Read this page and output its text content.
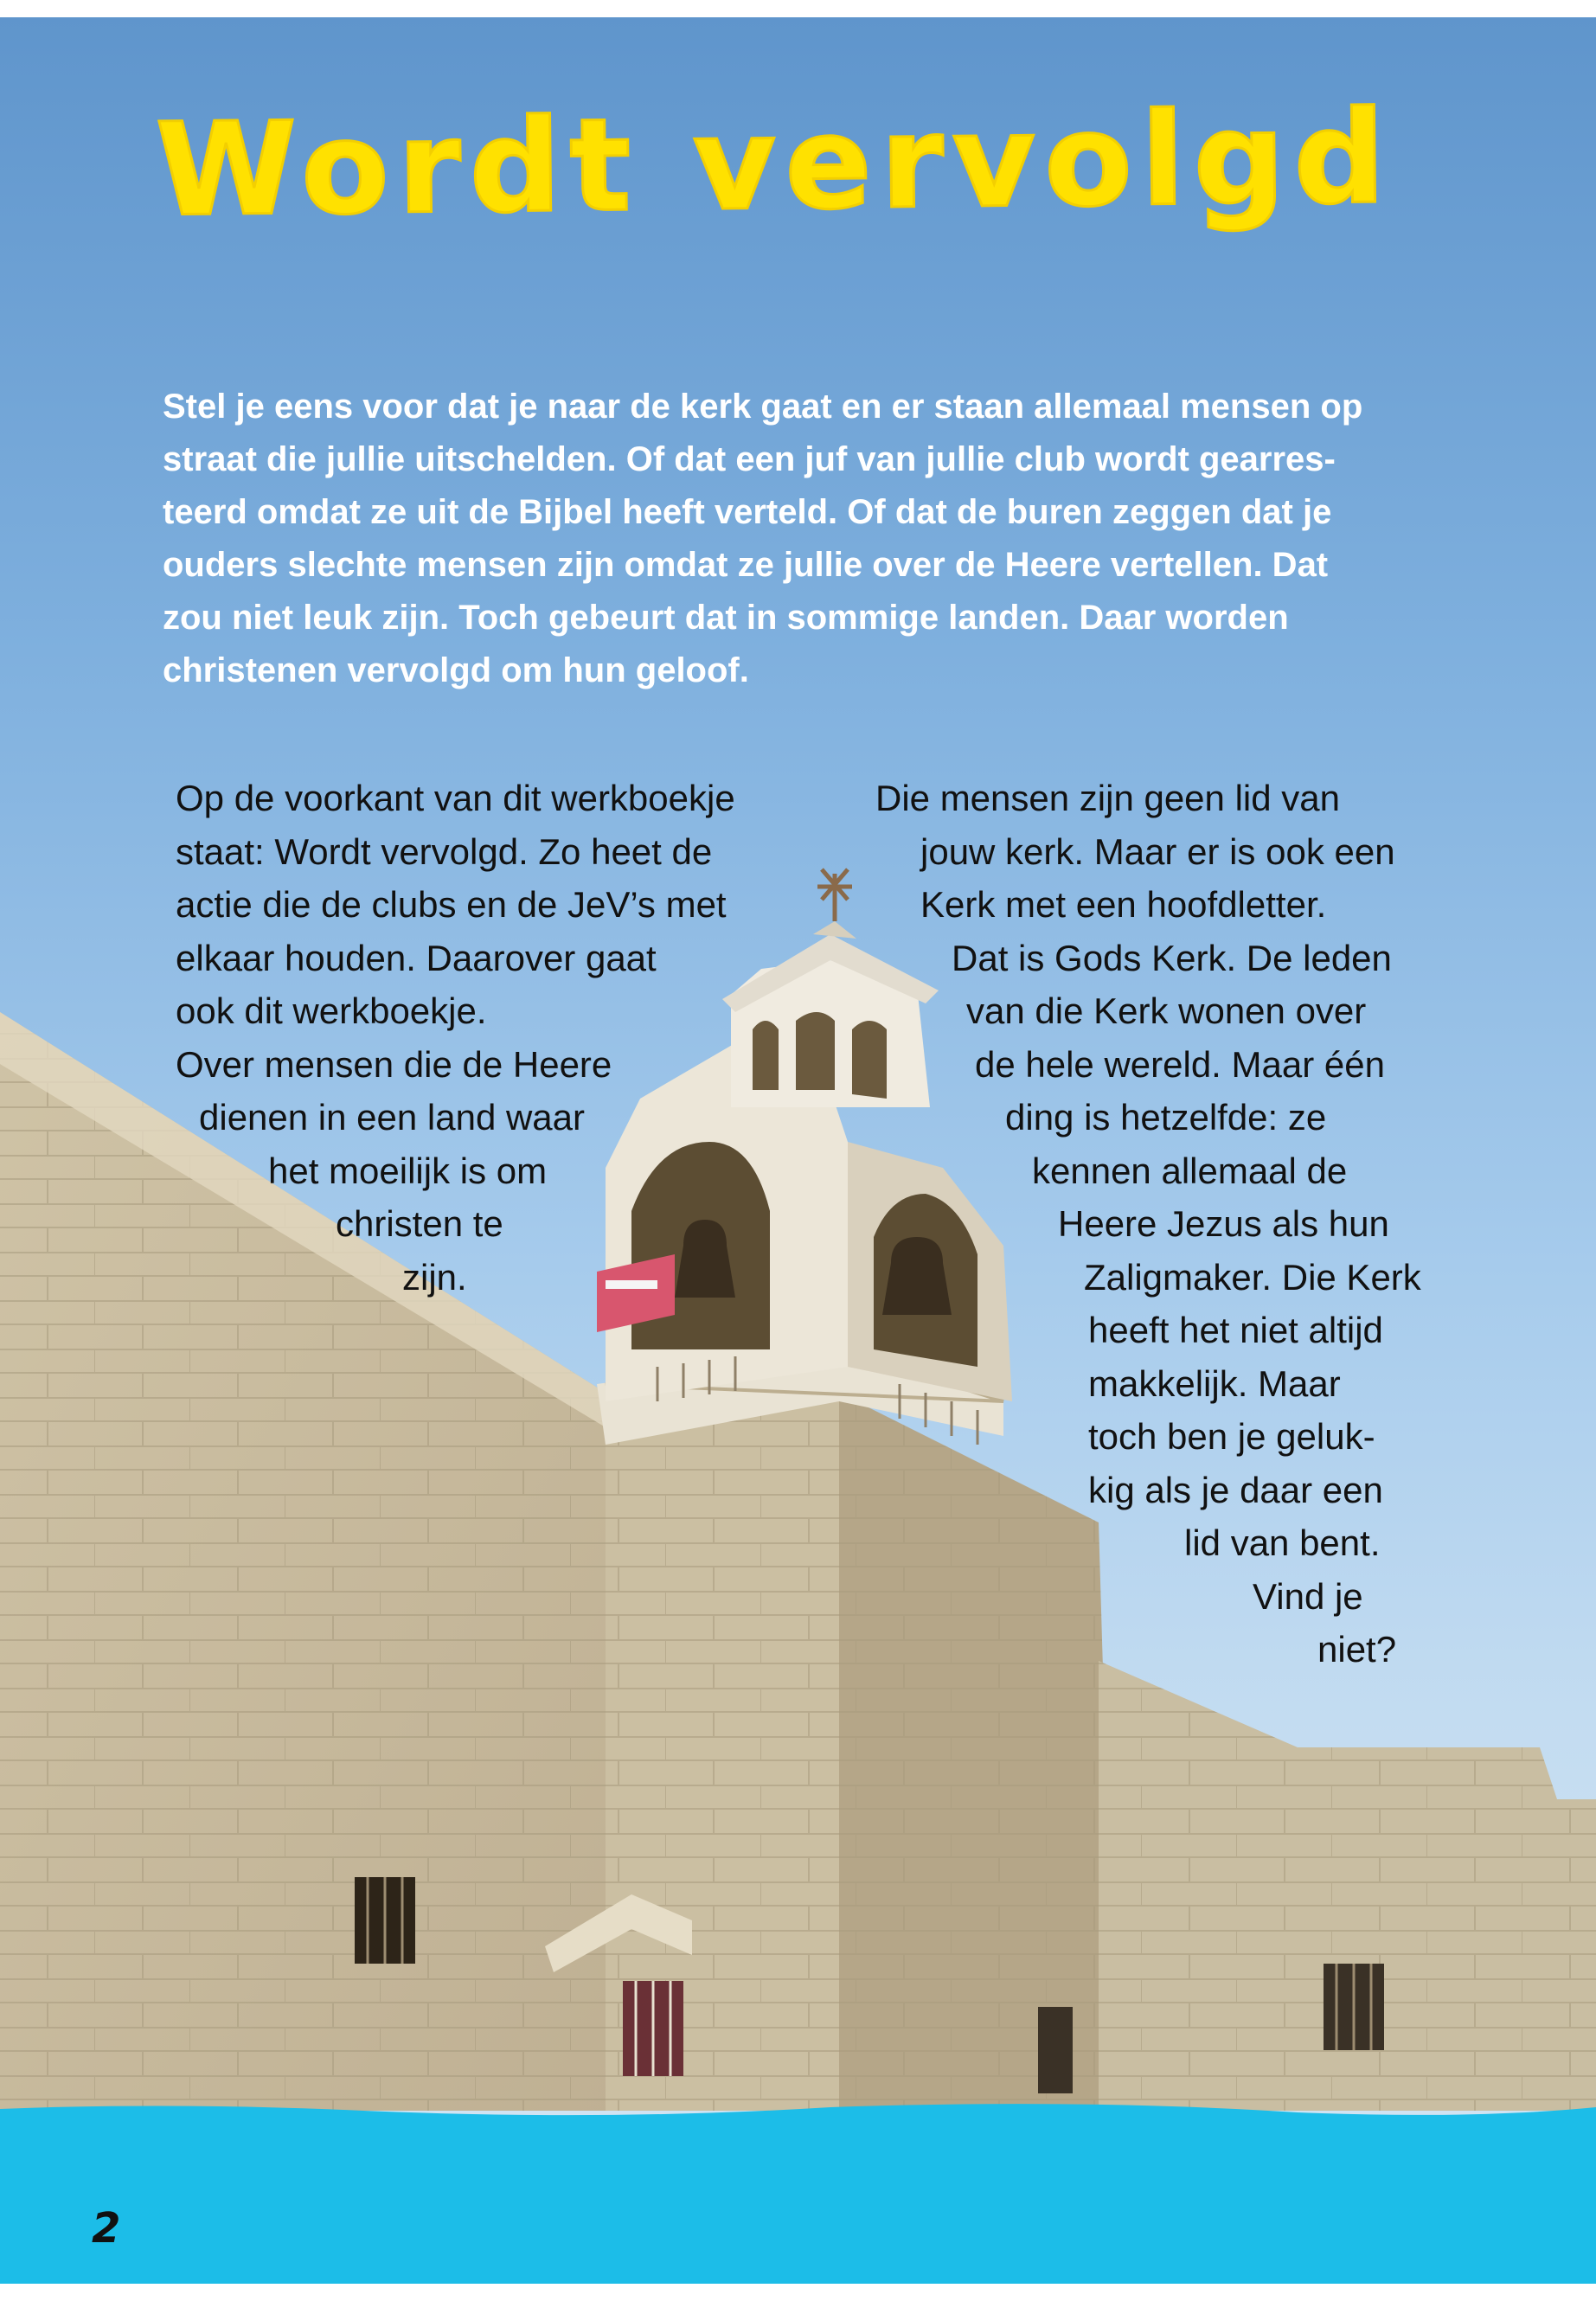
Wordt vervolgd

Stel je eens voor dat je naar de kerk gaat en er staan allemaal mensen op
straat die jullie uitschelden. Of dat een juf van jullie club wordt gearres-
teerd omdat ze uit de Bijbel heeft verteld. Of dat de buren zeggen dat je
ouders slechte mensen zijn omdat ze jullie over de Heere vertellen. Dat
zou niet leuk zijn. Toch gebeurt dat in sommige landen. Daar worden
christenen vervolgd om hun geloof.

Op de voorkant van dit werkboekje
staat: Wordt vervolgd. Zo heet de
actie die de clubs en de JeV’s met
elkaar houden. Daarover gaat
ook dit werkboekje.
Over mensen die de Heere
dienen in een land waar
het moeilijk is om
christen te
zijn.
Die mensen zijn geen lid van
jouw kerk. Maar er is ook een
Kerk met een hoofdletter.
Dat is Gods Kerk. De leden
van die Kerk wonen over
de hele wereld. Maar één
ding is hetzelfde: ze
kennen allemaal de
Heere Jezus als hun
Zaligmaker. Die Kerk
heeft het niet altijd
makkelijk. Maar
toch ben je geluk-
kig als je daar een
lid van bent.
Vind je
niet?

2
